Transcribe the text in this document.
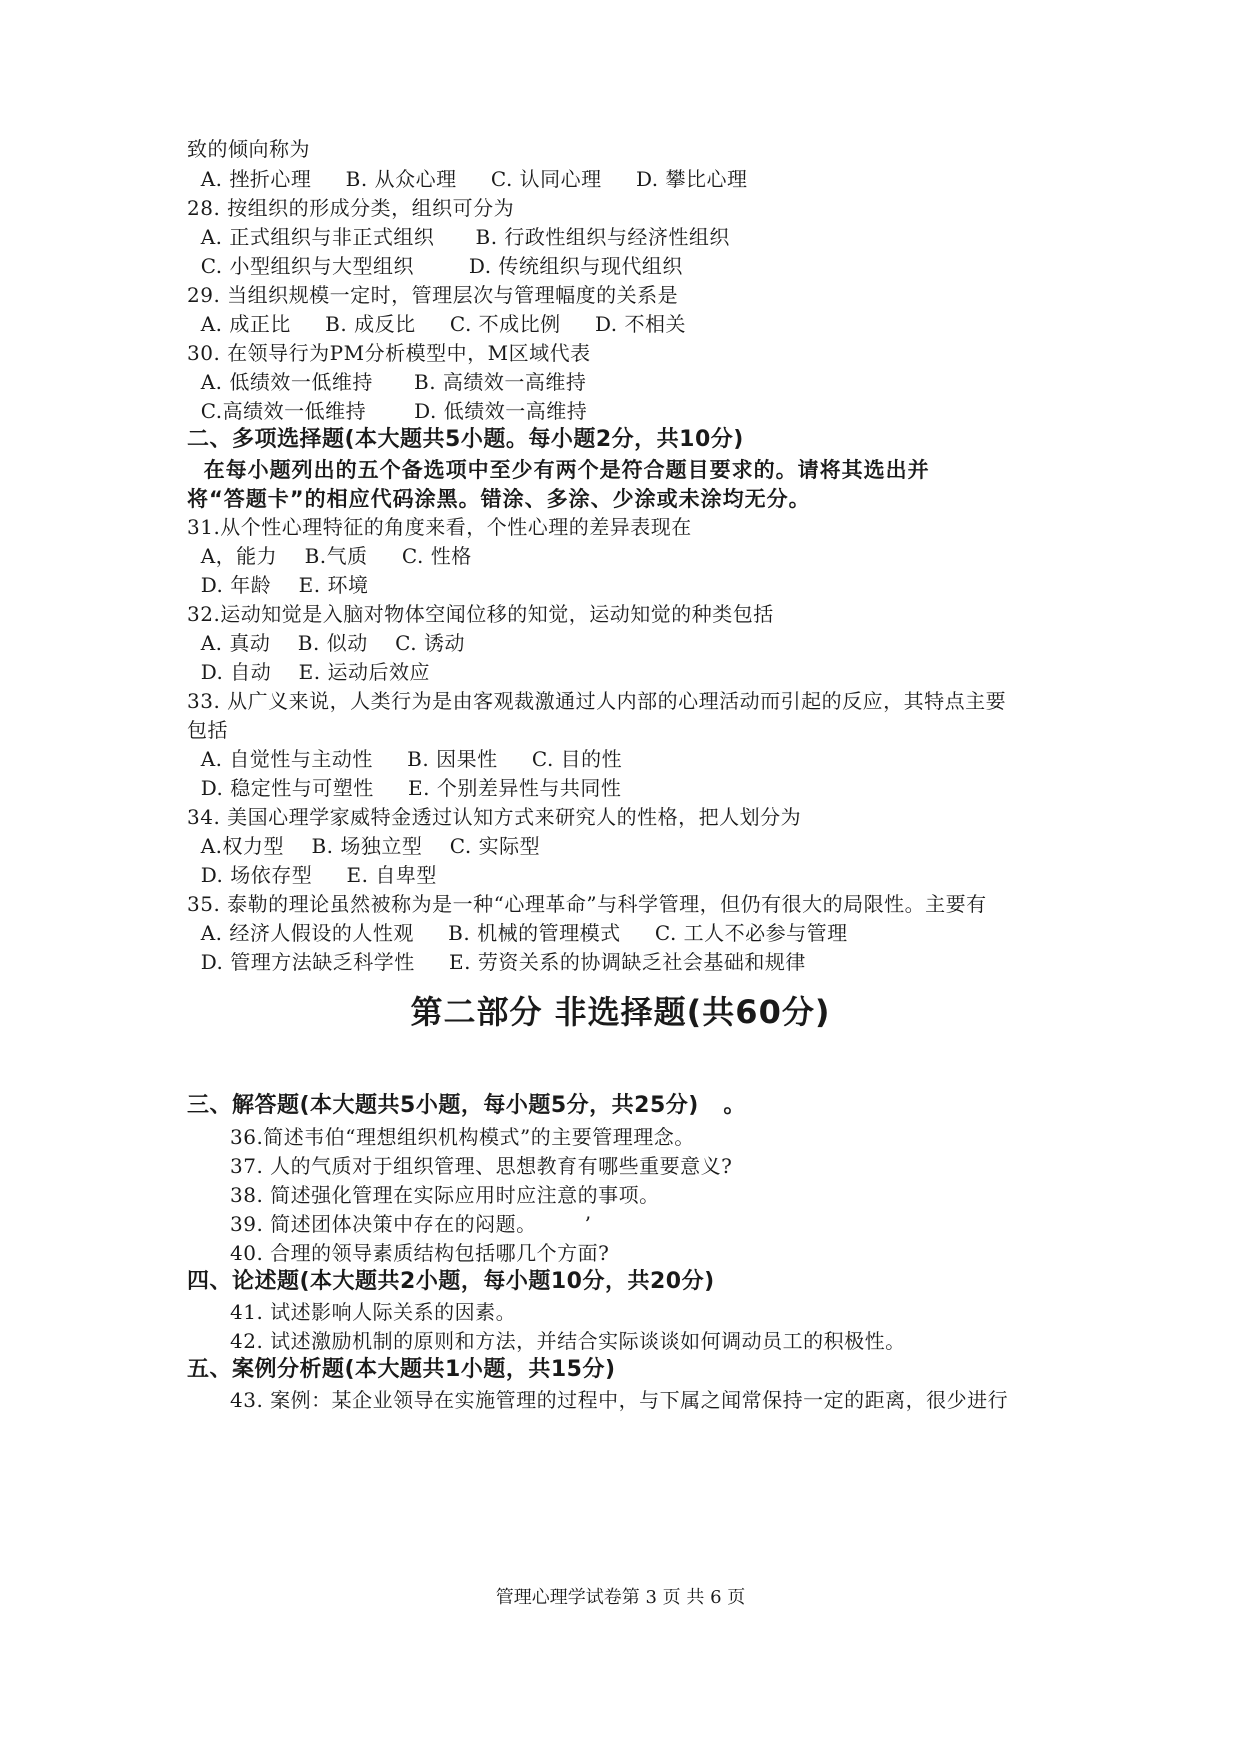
致的倾向称为
A. 挫折心理     B. 从众心理     C. 认同心理     D. 攀比心理
28. 按组织的形成分类，组织可分为
A. 正式组织与非正式组织      B. 行政性组织与经济性组织
C. 小型组织与大型组织        D. 传统组织与现代组织
29. 当组织规模一定时，管理层次与管理幅度的关系是
A. 成正比     B. 成反比     C. 不成比例     D. 不相关
30. 在领导行为PM分析模型中，M区域代表
A. 低绩效一低维持      B. 高绩效一高维持
C.高绩效一低维持       D. 低绩效一高维持
二、多项选择题(本大题共5小题。每小题2分，共10分)
在每小题列出的五个备选项中至少有两个是符合题目要求的。请将其选出并
将“答题卡”的相应代码涂黑。错涂、多涂、少涂或未涂均无分。
31.从个性心理特征的角度来看，个性心理的差异表现在
A，能力    B.气质     C. 性格
D. 年龄    E. 环境
32.运动知觉是入脑对物体空闻位移的知觉，运动知觉的种类包括
A. 真动    B. 似动    C. 诱动
D. 自动    E. 运动后效应
33. 从广义来说，人类行为是由客观裁激通过人内部的心理活动而引起的反应，其特点主要
包括
A. 自觉性与主动性     B. 因果性     C. 目的性
D. 稳定性与可塑性     E. 个别差异性与共同性
34. 美国心理学家威特金透过认知方式来研究人的性格，把人划分为
A.权力型    B. 场独立型    C. 实际型
D. 场依存型     E. 自卑型
35. 泰勒的理论虽然被称为是一种“心理革命”与科学管理，但仍有很大的局限性。主要有
A. 经济人假设的人性观     B. 机械的管理模式     C. 工人不必参与管理
D. 管理方法缺乏科学性     E. 劳资关系的协调缺乏社会基础和规律
第二部分 非选择题(共60分)
三、解答题(本大题共5小题，每小题5分，共25分)   。
36.简述韦伯“理想组织机构模式”的主要管理理念。
37. 人的气质对于组织管理、思想教育有哪些重要意义?
38. 简述强化管理在实际应用时应注意的事项。
39. 简述团体决策中存在的闷题。       ’
40. 合理的领导素质结构包括哪几个方面?
四、论述题(本大题共2小题，每小题10分，共20分)
41. 试述影响人际关系的因素。
42. 试述激励机制的原则和方法，并结合实际谈谈如何调动员工的积极性。
五、案例分析题(本大题共1小题，共15分)
43. 案例：某企业领导在实施管理的过程中，与下属之闻常保持一定的距离，很少进行
管理心理学试卷第 3 页 共 6 页
